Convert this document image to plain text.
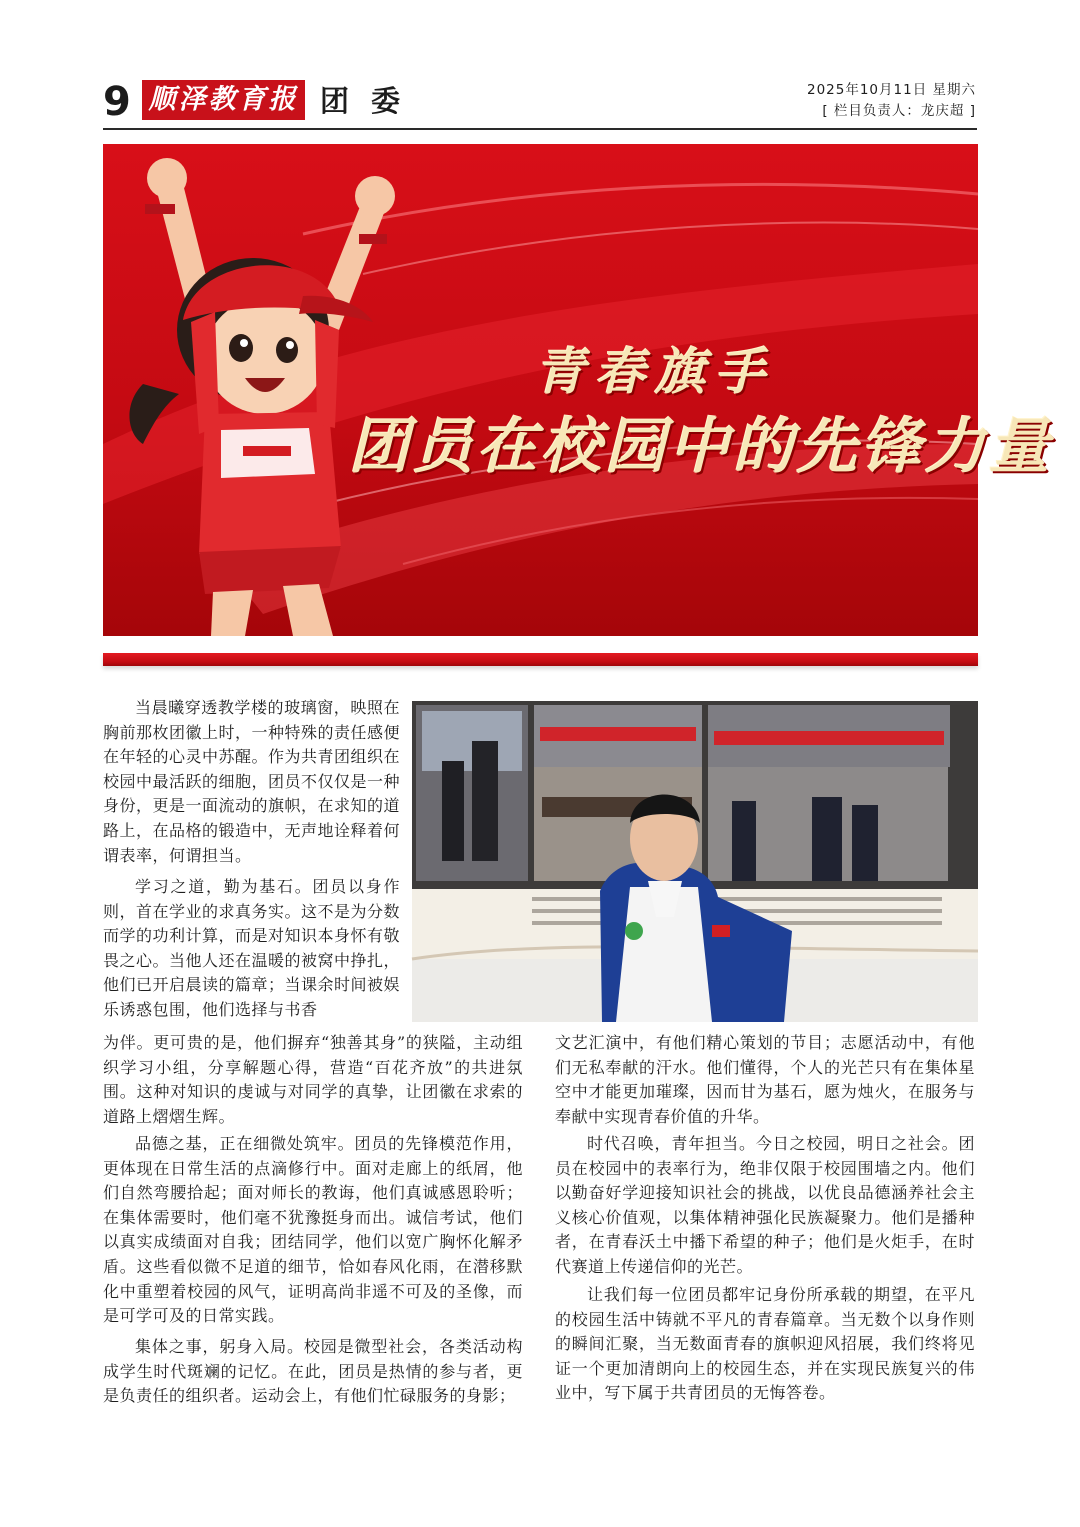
9 顺泽教育报 团委	2025年10月11日 星期六
[ 栏目负责人：龙庆超 ]
青春旗手
团员在校园中的先锋力量

当晨曦穿透教学楼的玻璃窗，映照在胸前那枚团徽上时，一种特殊的责任感便在年轻的心灵中苏醒。作为共青团组织在校园中最活跃的细胞，团员不仅仅是一种身份，更是一面流动的旗帜，在求知的道路上，在品格的锻造中，无声地诠释着何谓表率，何谓担当。

学习之道，勤为基石。团员以身作则，首在学业的求真务实。这不是为分数而学的功利计算，而是对知识本身怀有敬畏之心。当他人还在温暖的被窝中挣扎，他们已开启晨读的篇章；当课余时间被娱乐诱惑包围，他们选择与书香

为伴。更可贵的是，他们摒弃“独善其身”的狭隘，主动组织学习小组，分享解题心得，营造“百花齐放”的共进氛围。这种对知识的虔诚与对同学的真挚，让团徽在求索的道路上熠熠生辉。

品德之基，正在细微处筑牢。团员的先锋模范作用，更体现在日常生活的点滴修行中。面对走廊上的纸屑，他们自然弯腰拾起；面对师长的教诲，他们真诚感恩聆听；在集体需要时，他们毫不犹豫挺身而出。诚信考试，他们以真实成绩面对自我；团结同学，他们以宽广胸怀化解矛盾。这些看似微不足道的细节，恰如春风化雨，在潜移默化中重塑着校园的风气，证明高尚非遥不可及的圣像，而是可学可及的日常实践。

集体之事，躬身入局。校园是微型社会，各类活动构成学生时代斑斓的记忆。在此，团员是热情的参与者，更是负责任的组织者。运动会上，有他们忙碌服务的身影；

文艺汇演中，有他们精心策划的节目；志愿活动中，有他们无私奉献的汗水。他们懂得，个人的光芒只有在集体星空中才能更加璀璨，因而甘为基石，愿为烛火，在服务与奉献中实现青春价值的升华。

时代召唤，青年担当。今日之校园，明日之社会。团员在校园中的表率行为，绝非仅限于校园围墙之内。他们以勤奋好学迎接知识社会的挑战，以优良品德涵养社会主义核心价值观，以集体精神强化民族凝聚力。他们是播种者，在青春沃土中播下希望的种子；他们是火炬手，在时代赛道上传递信仰的光芒。

让我们每一位团员都牢记身份所承载的期望，在平凡的校园生活中铸就不平凡的青春篇章。当无数个以身作则的瞬间汇聚，当无数面青春的旗帜迎风招展，我们终将见证一个更加清朗向上的校园生态，并在实现民族复兴的伟业中，写下属于共青团员的无悔答卷。
